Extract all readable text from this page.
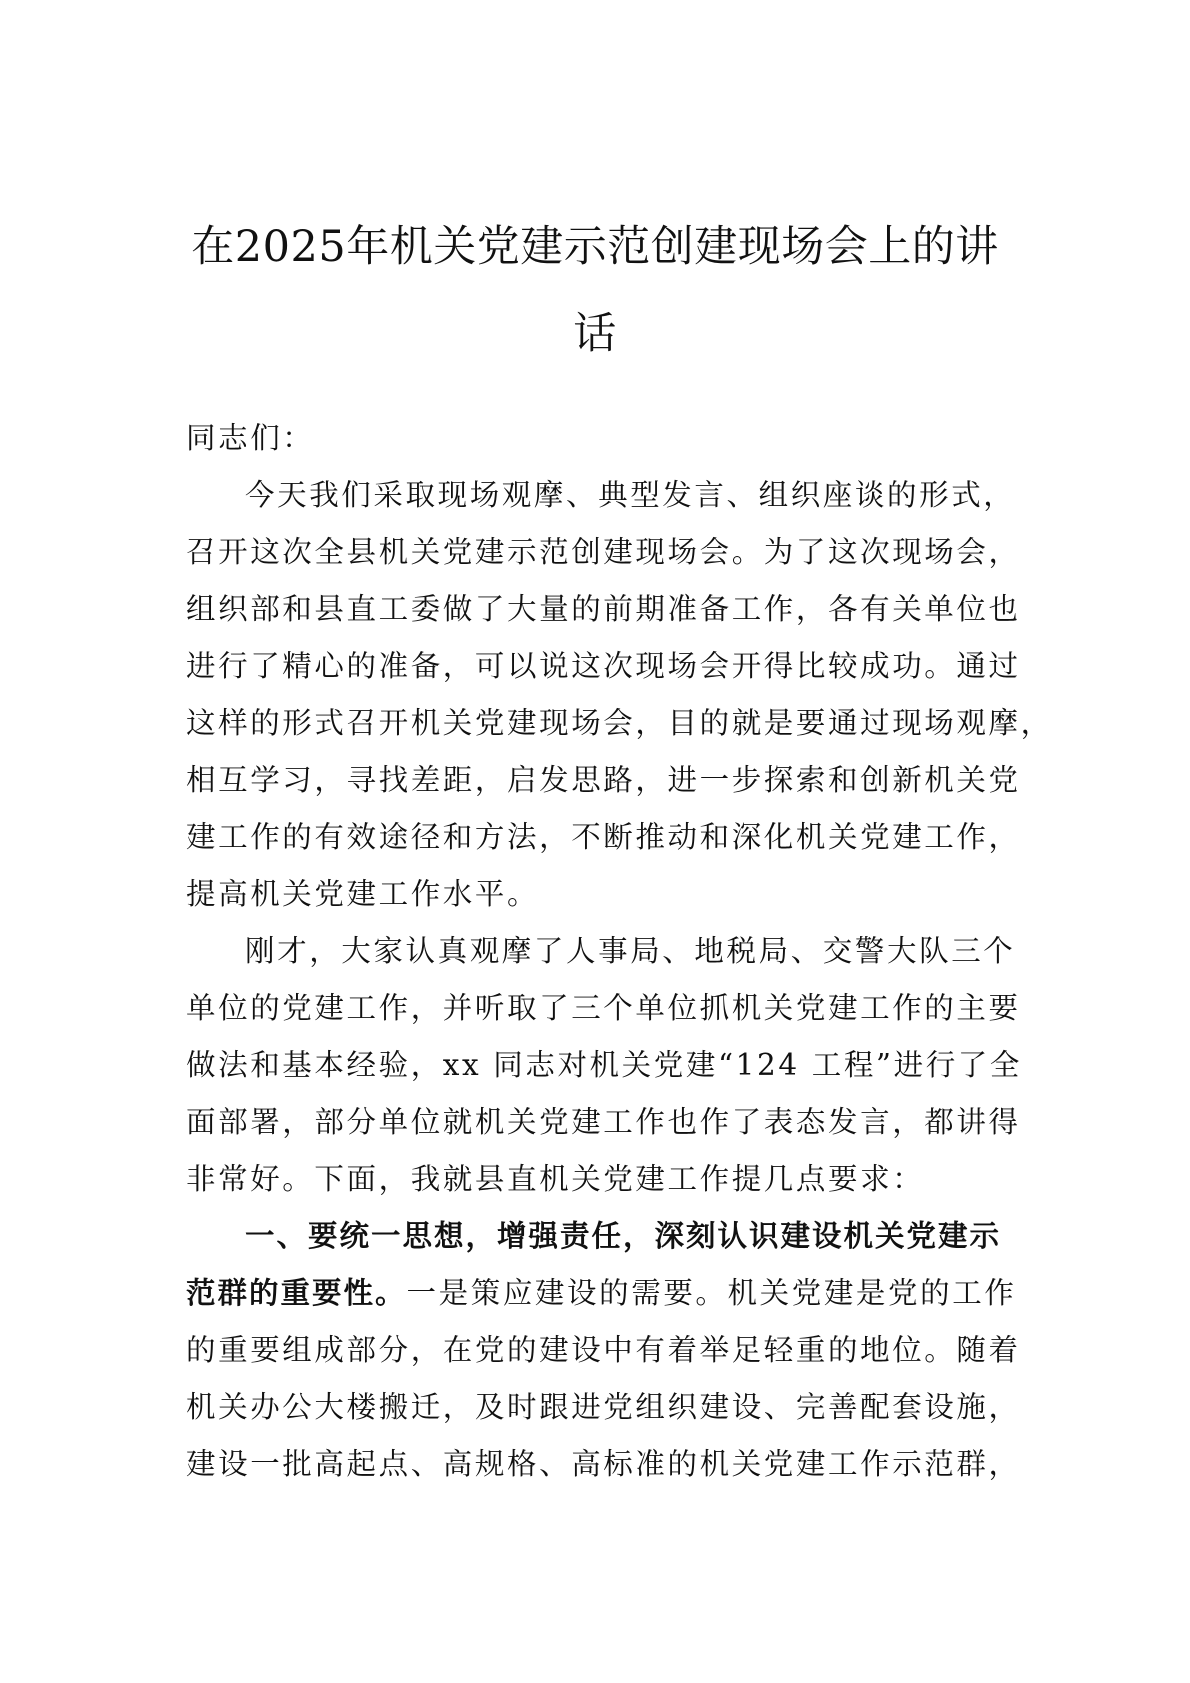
在2025年机关党建示范创建现场会上的讲
话
同志们：
今天我们采取现场观摩、典型发言、组织座谈的形式，
召开这次全县机关党建示范创建现场会。为了这次现场会，
组织部和县直工委做了大量的前期准备工作，各有关单位也
进行了精心的准备，可以说这次现场会开得比较成功。通过
这样的形式召开机关党建现场会，目的就是要通过现场观摩，
相互学习，寻找差距，启发思路，进一步探索和创新机关党
建工作的有效途径和方法，不断推动和深化机关党建工作，
提高机关党建工作水平。
刚才，大家认真观摩了人事局、地税局、交警大队三个
单位的党建工作，并听取了三个单位抓机关党建工作的主要
做法和基本经验，xx 同志对机关党建“124 工程”进行了全
面部署，部分单位就机关党建工作也作了表态发言，都讲得
非常好。下面，我就县直机关党建工作提几点要求：
一、要统一思想，增强责任，深刻认识建设机关党建示
范群的重要性。一是策应建设的需要。机关党建是党的工作
的重要组成部分，在党的建设中有着举足轻重的地位。随着
机关办公大楼搬迁，及时跟进党组织建设、完善配套设施，
建设一批高起点、高规格、高标准的机关党建工作示范群，
